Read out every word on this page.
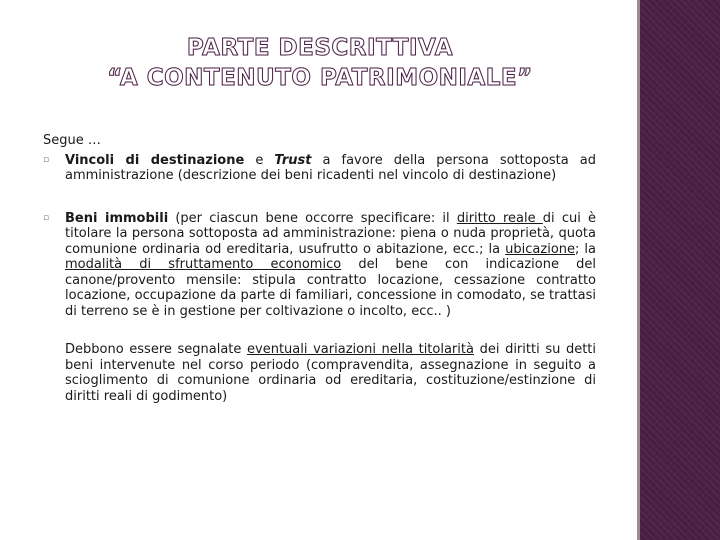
PARTE DESCRITTIVA
“A CONTENUTO PATRIMONIALE”
Segue …
▫ Vincoli di destinazione e Trust a favore della persona sottoposta ad amministrazione (descrizione dei beni ricadenti nel vincolo di destinazione)
▫ Beni immobili (per ciascun bene occorre specificare: il diritto reale di cui è titolare la persona sottoposta ad amministrazione: piena o nuda proprietà, quota comunione ordinaria od ereditaria, usufrutto o abitazione, ecc.; la ubicazione; la modalità di sfruttamento economico del bene con indicazione del canone/provento mensile: stipula contratto locazione, cessazione contratto locazione, occupazione da parte di familiari, concessione in comodato, se trattasi di terreno se è in gestione per coltivazione o incolto, ecc.. )
Debbono essere segnalate eventuali variazioni nella titolarità dei diritti su detti beni intervenute nel corso periodo (compravendita, assegnazione in seguito a scioglimento di comunione ordinaria od ereditaria, costituzione/estinzione di diritti reali di godimento)
